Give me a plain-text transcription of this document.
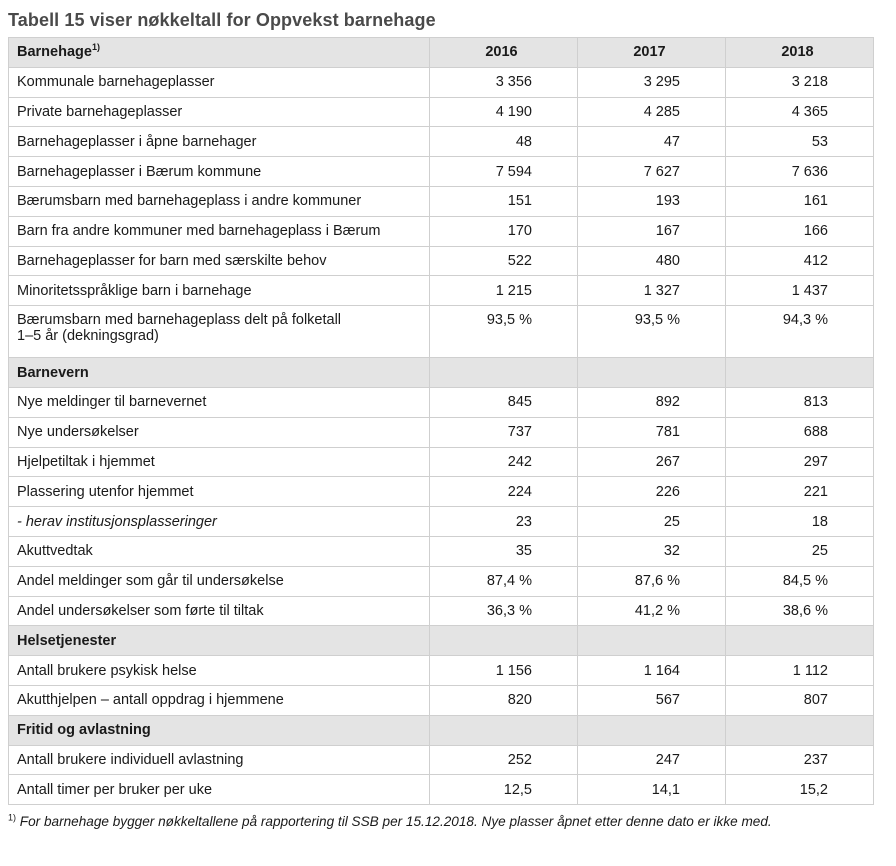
Tabell 15 viser nøkkeltall for Oppvekst barnehage
Barnehage$^{1)}$	2016	2017	2018
Kommunale barnehageplasser	3 356	3 295	3 218
Private barnehageplasser	4 190	4 285	4 365
Barnehageplasser i åpne barnehager	48	47	53
Barnehageplasser i Bærum kommune	7 594	7 627	7 636
Bærumsbarn med barnehageplass i andre kommuner	151	193	161
Barn fra andre kommuner med barnehageplass i Bærum	170	167	166
Barnehageplasser for barn med særskilte behov	522	480	412
Minoritetsspråklige barn i barnehage	1 215	1 327	1 437
Bærumsbarn med barnehageplass delt på folketall
1–5 år (dekningsgrad)	93,5 %	93,5 %	94,3 %
Barnevern			
Nye meldinger til barnevernet	845	892	813
Nye undersøkelser	737	781	688
Hjelpetiltak i hjemmet	242	267	297
Plassering utenfor hjemmet	224	226	221
- herav institusjonsplasseringer	23	25	18
Akuttvedtak	35	32	25
Andel meldinger som går til undersøkelse	87,4 %	87,6 %	84,5 %
Andel undersøkelser som førte til tiltak	36,3 %	41,2 %	38,6 %
Helsetjenester			
Antall brukere psykisk helse	1 156	1 164	1 112
Akutthjelpen – antall oppdrag i hjemmene	820	567	807
Fritid og avlastning			
Antall brukere individuell avlastning	252	247	237
Antall timer per bruker per uke	12,5	14,1	15,2
$^{1)}$ For barnehage bygger nøkkeltallene på rapportering til SSB per 15.12.2018. Nye plasser åpnet etter denne dato er ikke med.
